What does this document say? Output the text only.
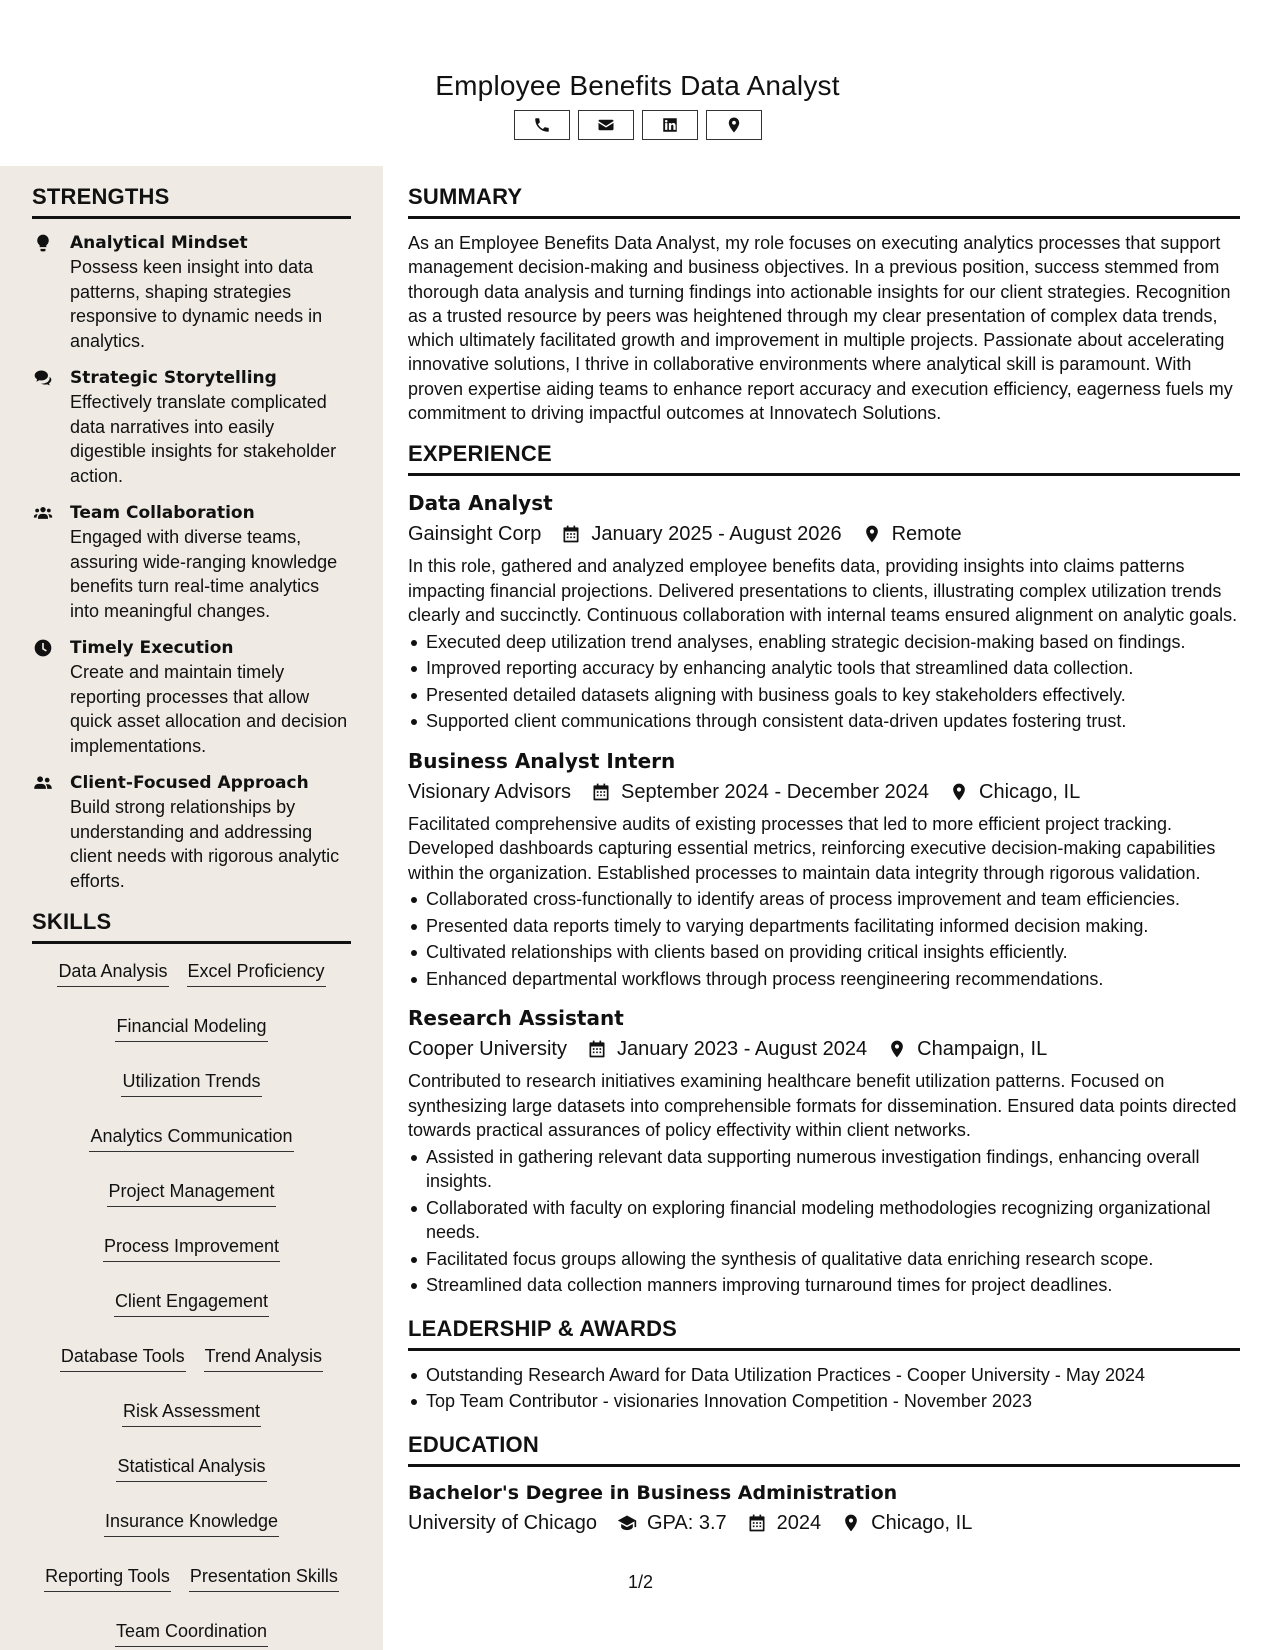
Employee Benefits Data Analyst
STRENGTHS
Analytical Mindset
Possess keen insight into data patterns, shaping strategies responsive to dynamic needs in analytics.
Strategic Storytelling
Effectively translate complicated data narratives into easily digestible insights for stakeholder action.
Team Collaboration
Engaged with diverse teams, assuring wide-ranging knowledge benefits turn real-time analytics into meaningful changes.
Timely Execution
Create and maintain timely reporting processes that allow quick asset allocation and decision implementations.
Client-Focused Approach
Build strong relationships by understanding and addressing client needs with rigorous analytic efforts.
SKILLS
Data Analysis Excel Proficiency
Financial Modeling
Utilization Trends
Analytics Communication
Project Management
Process Improvement
Client Engagement
Database Tools Trend Analysis
Risk Assessment
Statistical Analysis
Insurance Knowledge
Reporting Tools Presentation Skills
Team Coordination
SUMMARY
As an Employee Benefits Data Analyst, my role focuses on executing analytics processes that support management decision-making and business objectives. In a previous position, success stemmed from thorough data analysis and turning findings into actionable insights for our client strategies. Recognition as a trusted resource by peers was heightened through my clear presentation of complex data trends, which ultimately facilitated growth and improvement in multiple projects. Passionate about accelerating innovative solutions, I thrive in collaborative environments where analytical skill is paramount. With proven expertise aiding teams to enhance report accuracy and execution efficiency, eagerness fuels my commitment to driving impactful outcomes at Innovatech Solutions.
EXPERIENCE
Data Analyst
Gainsight Corp	January 2025 - August 2026	Remote
In this role, gathered and analyzed employee benefits data, providing insights into claims patterns impacting financial projections. Delivered presentations to clients, illustrating complex utilization trends clearly and succinctly. Continuous collaboration with internal teams ensured alignment on analytic goals.
Executed deep utilization trend analyses, enabling strategic decision-making based on findings.
Improved reporting accuracy by enhancing analytic tools that streamlined data collection.
Presented detailed datasets aligning with business goals to key stakeholders effectively.
Supported client communications through consistent data-driven updates fostering trust.
Business Analyst Intern
Visionary Advisors	September 2024 - December 2024	Chicago, IL
Facilitated comprehensive audits of existing processes that led to more efficient project tracking. Developed dashboards capturing essential metrics, reinforcing executive decision-making capabilities within the organization. Established processes to maintain data integrity through rigorous validation.
Collaborated cross-functionally to identify areas of process improvement and team efficiencies.
Presented data reports timely to varying departments facilitating informed decision making.
Cultivated relationships with clients based on providing critical insights efficiently.
Enhanced departmental workflows through process reengineering recommendations.
Research Assistant
Cooper University	January 2023 - August 2024	Champaign, IL
Contributed to research initiatives examining healthcare benefit utilization patterns. Focused on synthesizing large datasets into comprehensible formats for dissemination. Ensured data points directed towards practical assurances of policy effectivity within client networks.
Assisted in gathering relevant data supporting numerous investigation findings, enhancing overall insights.
Collaborated with faculty on exploring financial modeling methodologies recognizing organizational needs.
Facilitated focus groups allowing the synthesis of qualitative data enriching research scope.
Streamlined data collection manners improving turnaround times for project deadlines.
LEADERSHIP & AWARDS
Outstanding Research Award for Data Utilization Practices - Cooper University - May 2024
Top Team Contributor - visionaries Innovation Competition - November 2023
EDUCATION
Bachelor's Degree in Business Administration
University of Chicago	GPA: 3.7	2024	Chicago, IL
1/2
